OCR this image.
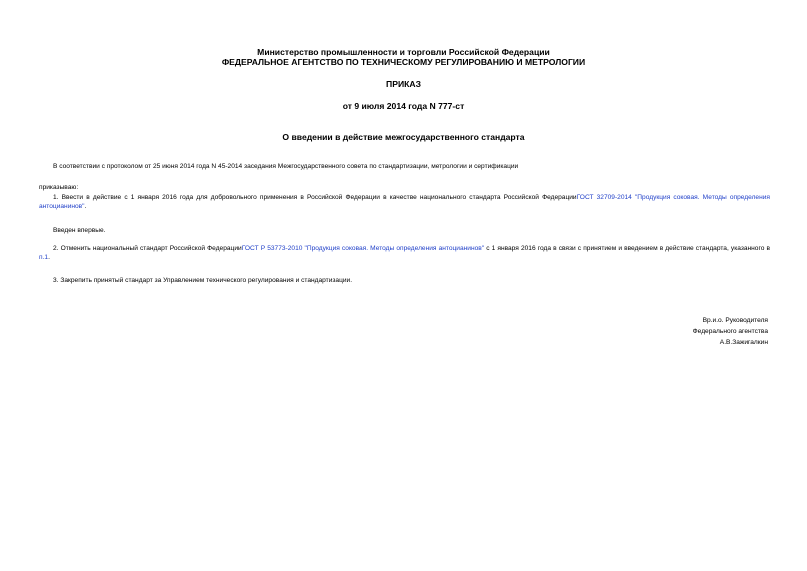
Министерство промышленности и торговли Российской Федерации
ФЕДЕРАЛЬНОЕ АГЕНТСТВО ПО ТЕХНИЧЕСКОМУ РЕГУЛИРОВАНИЮ И МЕТРОЛОГИИ
ПРИКАЗ
от 9 июля 2014 года N 777-ст
О введении в действие межгосударственного стандарта
В соответствии с протоколом от 25 июня 2014 года N 45-2014 заседания Межгосударственного совета по стандартизации, метрологии и сертификации
приказываю:
1. Ввести в действие с 1 января 2016 года для добровольного применения в Российской Федерации в качестве национального стандарта Российской ФедерацииГОСТ 32709-2014 "Продукция соковая. Методы определения антоцианинов".
Введен впервые.
2. Отменить национальный стандарт Российской ФедерацииГОСТ Р 53773-2010 "Продукция соковая. Методы определения антоцианинов" с 1 января 2016 года в связи с принятием и введением в действие стандарта, указанного в п.1.
3. Закрепить принятый стандарт за Управлением технического регулирования и стандартизации.
Вр.и.о. Руководителя
Федерального агентства
А.В.Зажигалкин
